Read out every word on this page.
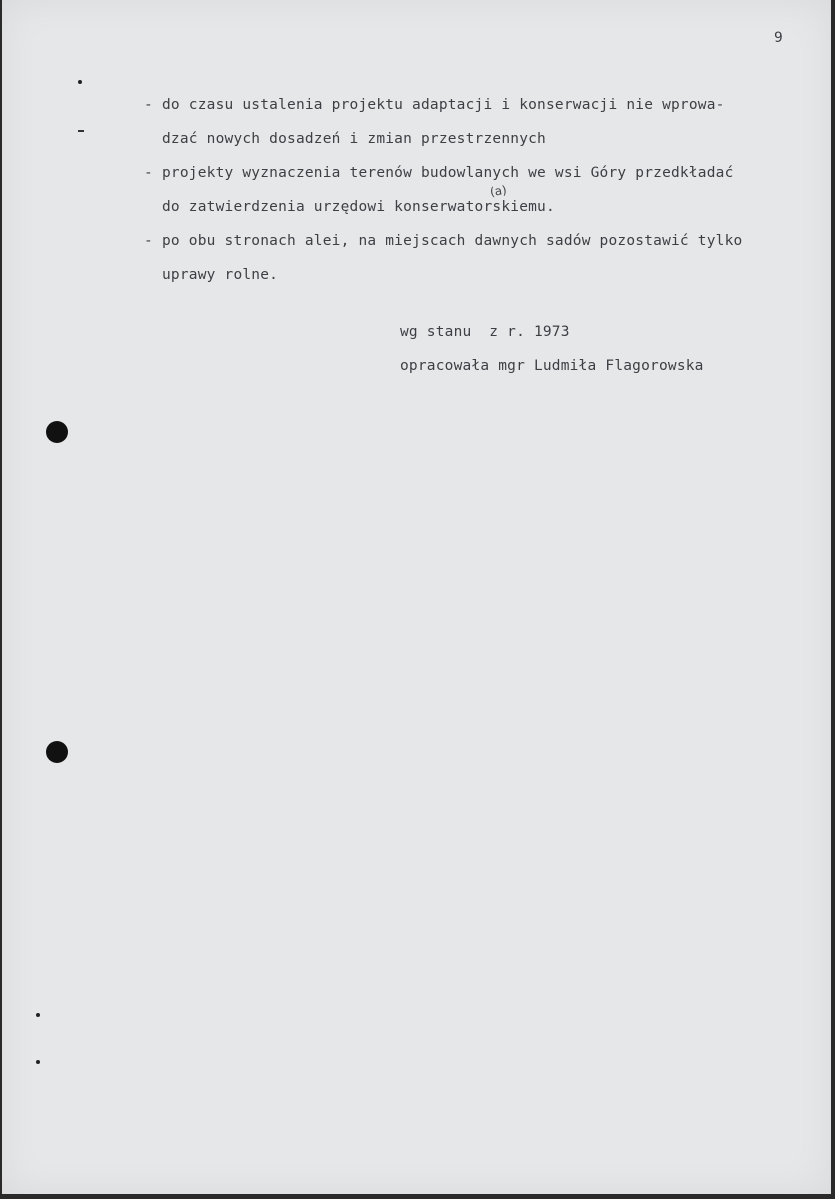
9
- do czasu ustalenia projektu adaptacji i konserwacji nie wprowa-
dzać nowych dosadzeń i zmian przestrzennych
- projekty wyznaczenia terenów budowlanych we wsi Góry przedkładać
do zatwierdzenia urzędowi konserwatorskiemu.
(a)
- po obu stronach alei, na miejscach dawnych sadów pozostawić tylko
uprawy rolne.
wg stanu  z r. 1973
opracowała mgr Ludmiła Flagorowska
